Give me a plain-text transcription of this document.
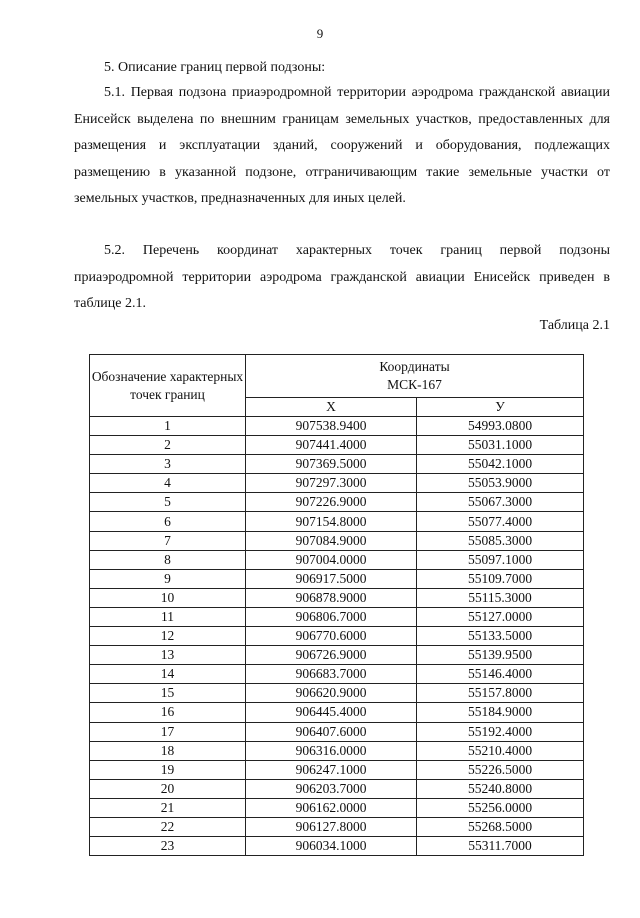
9
5. Описание границ первой подзоны:

5.1. Первая подзона приаэродромной территории аэродрома гражданской авиации Енисейск выделена по внешним границам земельных участков, предоставленных для размещения и эксплуатации зданий, сооружений и оборудования, подлежащих размещению в указанной подзоне, отграничивающим такие земельные участки от земельных участков, предназначенных для иных целей.

5.2. Перечень координат характерных точек границ первой подзоны приаэродромной территории аэродрома гражданской авиации Енисейск приведен в таблице 2.1.

Таблица 2.1
Обозначение характерных точек границ	Координаты
МСК-167	

	Х	У
1	907538.9400	54993.0800
2	907441.4000	55031.1000
3	907369.5000	55042.1000
4	907297.3000	55053.9000
5	907226.9000	55067.3000
6	907154.8000	55077.4000
7	907084.9000	55085.3000
8	907004.0000	55097.1000
9	906917.5000	55109.7000
10	906878.9000	55115.3000
11	906806.7000	55127.0000
12	906770.6000	55133.5000
13	906726.9000	55139.9500
14	906683.7000	55146.4000
15	906620.9000	55157.8000
16	906445.4000	55184.9000
17	906407.6000	55192.4000
18	906316.0000	55210.4000
19	906247.1000	55226.5000
20	906203.7000	55240.8000
21	906162.0000	55256.0000
22	906127.8000	55268.5000
23	906034.1000	55311.7000
